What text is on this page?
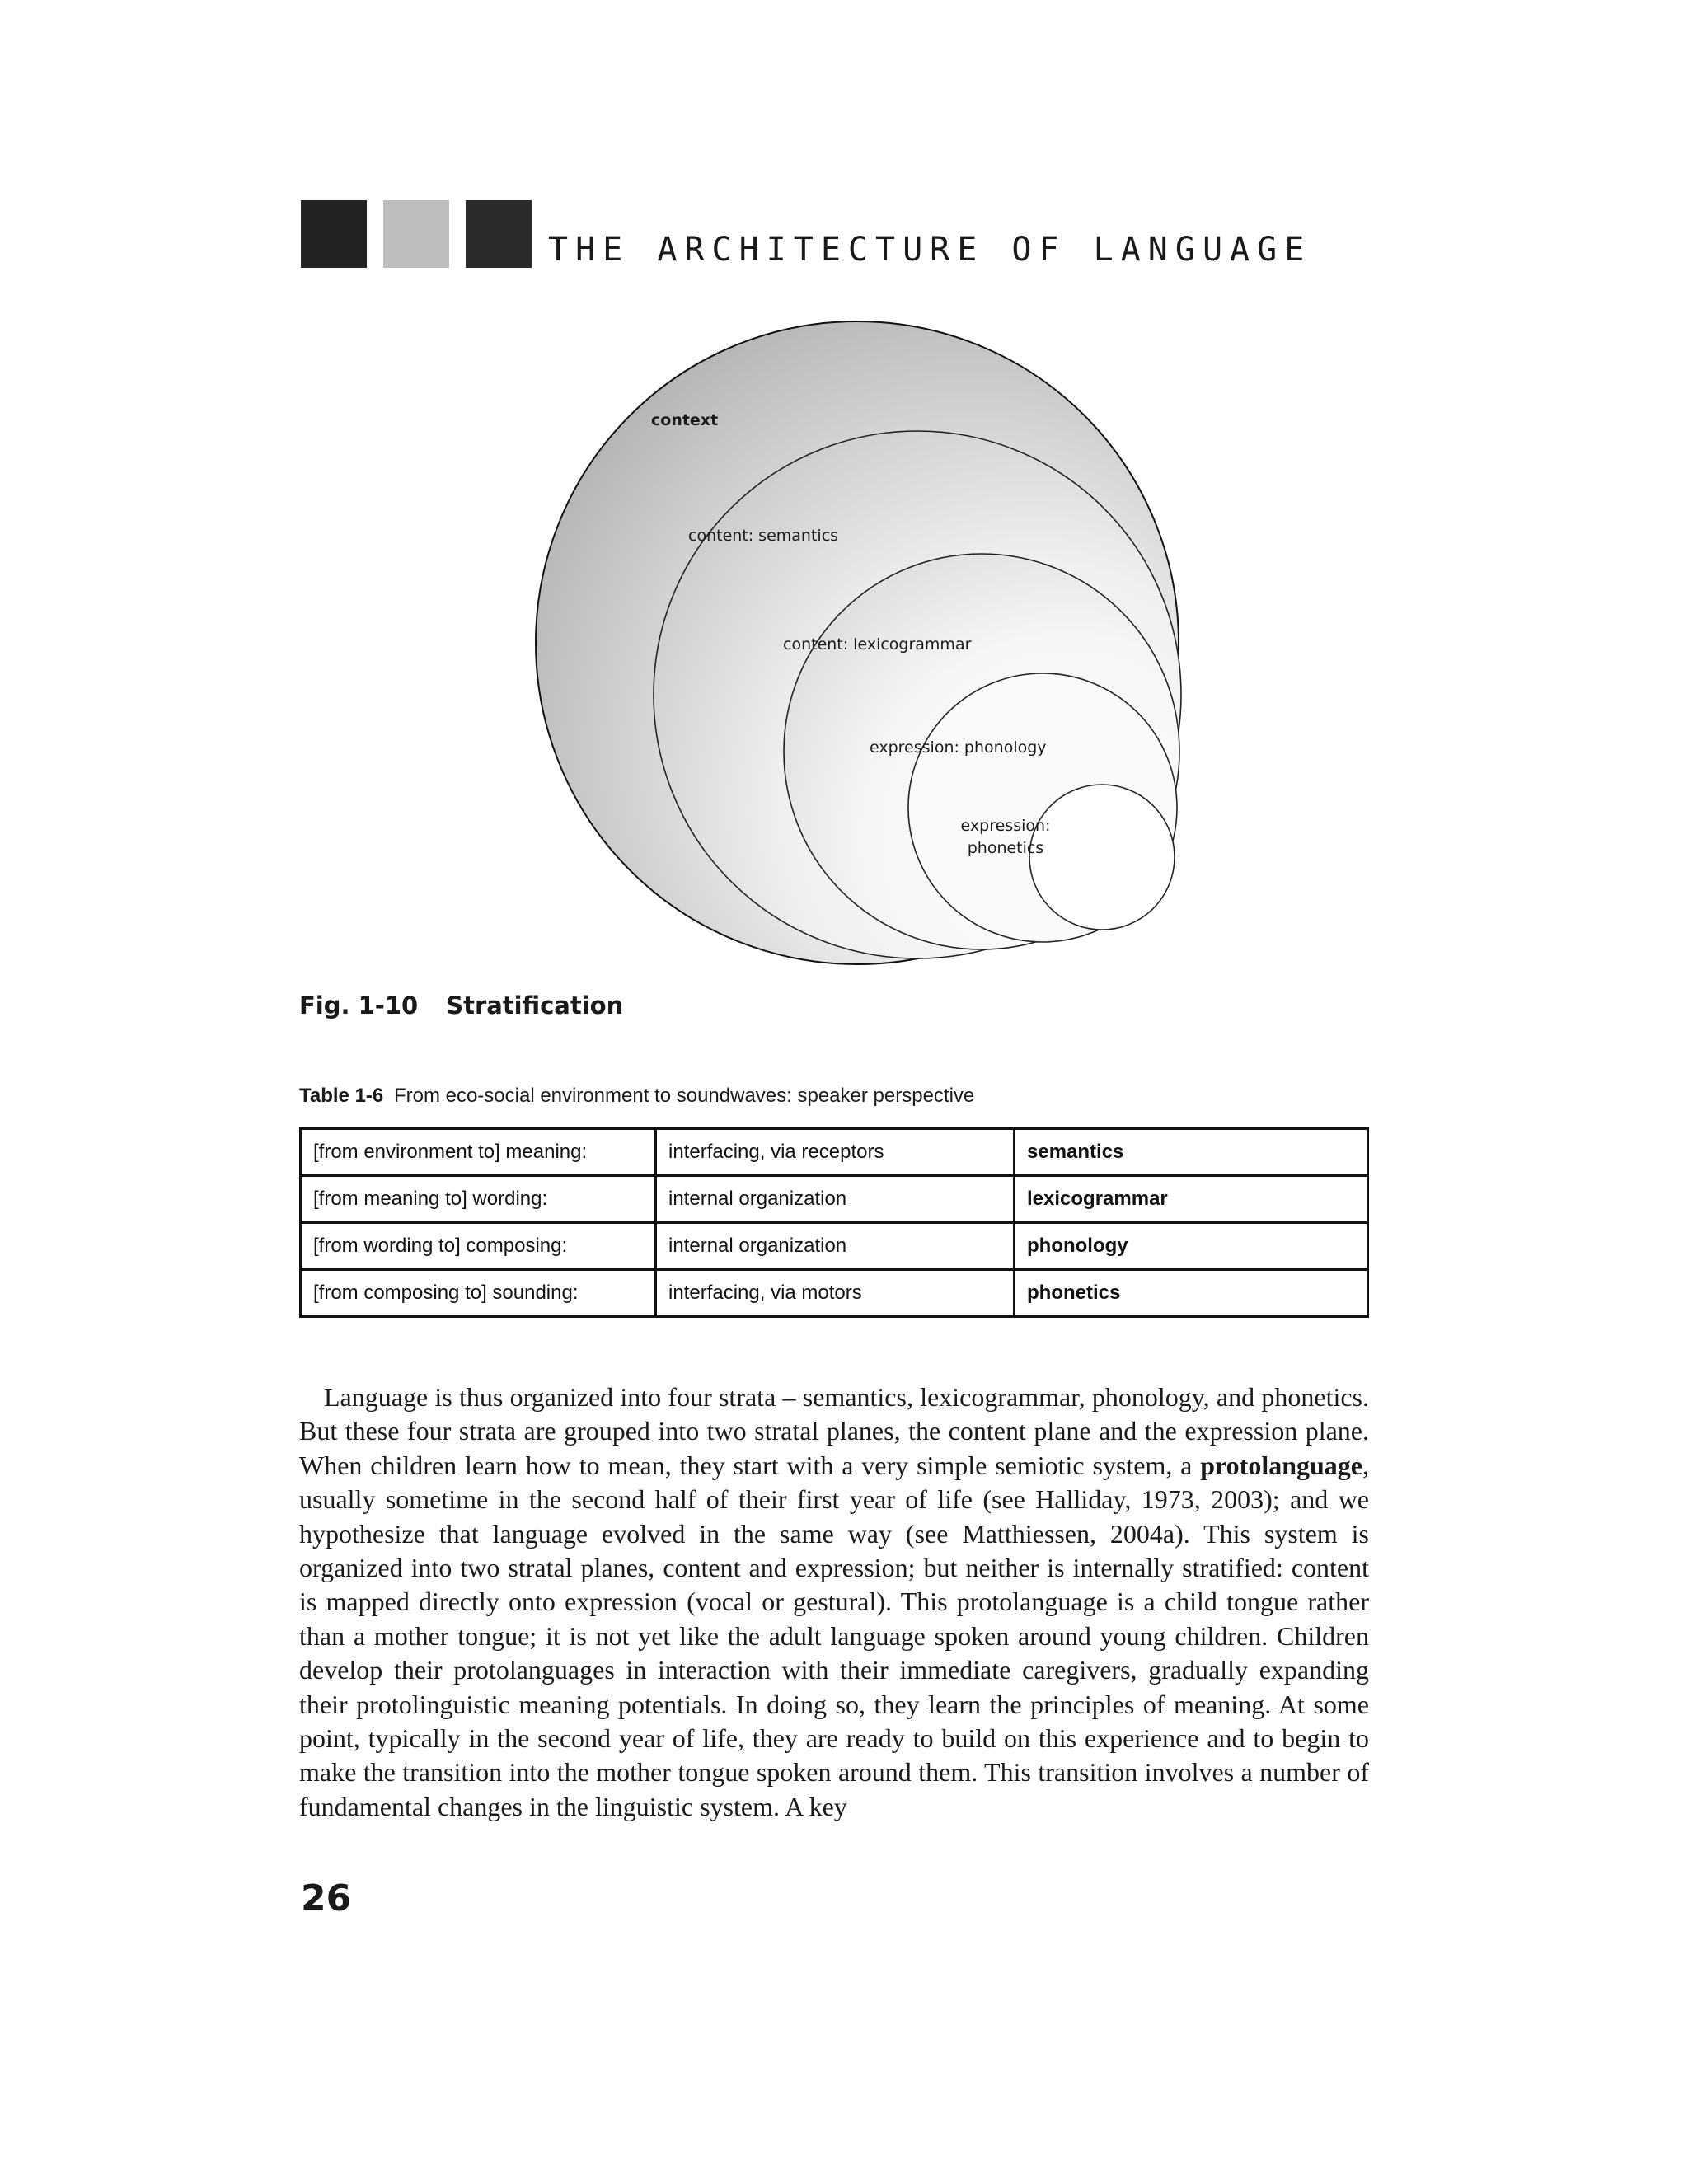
THE ARCHITECTURE OF LANGUAGE
context
content: semantics
content: lexicogrammar
expression: phonology
expression:
phonetics
Fig. 1-10 Stratification
Table 1-6 From eco-social environment to soundwaves: speaker perspective
[from environment to] meaning:	interfacing, via receptors	semantics
[from meaning to] wording:	internal organization	lexicogrammar
[from wording to] composing:	internal organization	phonology
[from composing to] sounding:	interfacing, via motors	phonetics

Language is thus organized into four strata – semantics, lexicogrammar, phonology, and phonetics. But these four strata are grouped into two stratal planes, the content plane and the expression plane. When children learn how to mean, they start with a very simple semiotic system, a protolanguage, usually sometime in the second half of their first year of life (see Halliday, 1973, 2003); and we hypothesize that language evolved in the same way (see Matthiessen, 2004a). This system is organized into two stratal planes, content and expression; but neither is internally stratified: content is mapped directly onto expression (vocal or gestural). This protolanguage is a child tongue rather than a mother tongue; it is not yet like the adult language spoken around young children. Children develop their protolanguages in interaction with their immediate caregivers, gradually expanding their protolinguistic meaning potentials. In doing so, they learn the principles of meaning. At some point, typically in the second year of life, they are ready to build on this experience and to begin to make the transition into the mother tongue spoken around them. This transition involves a number of fundamental changes in the linguistic system. A key

26
